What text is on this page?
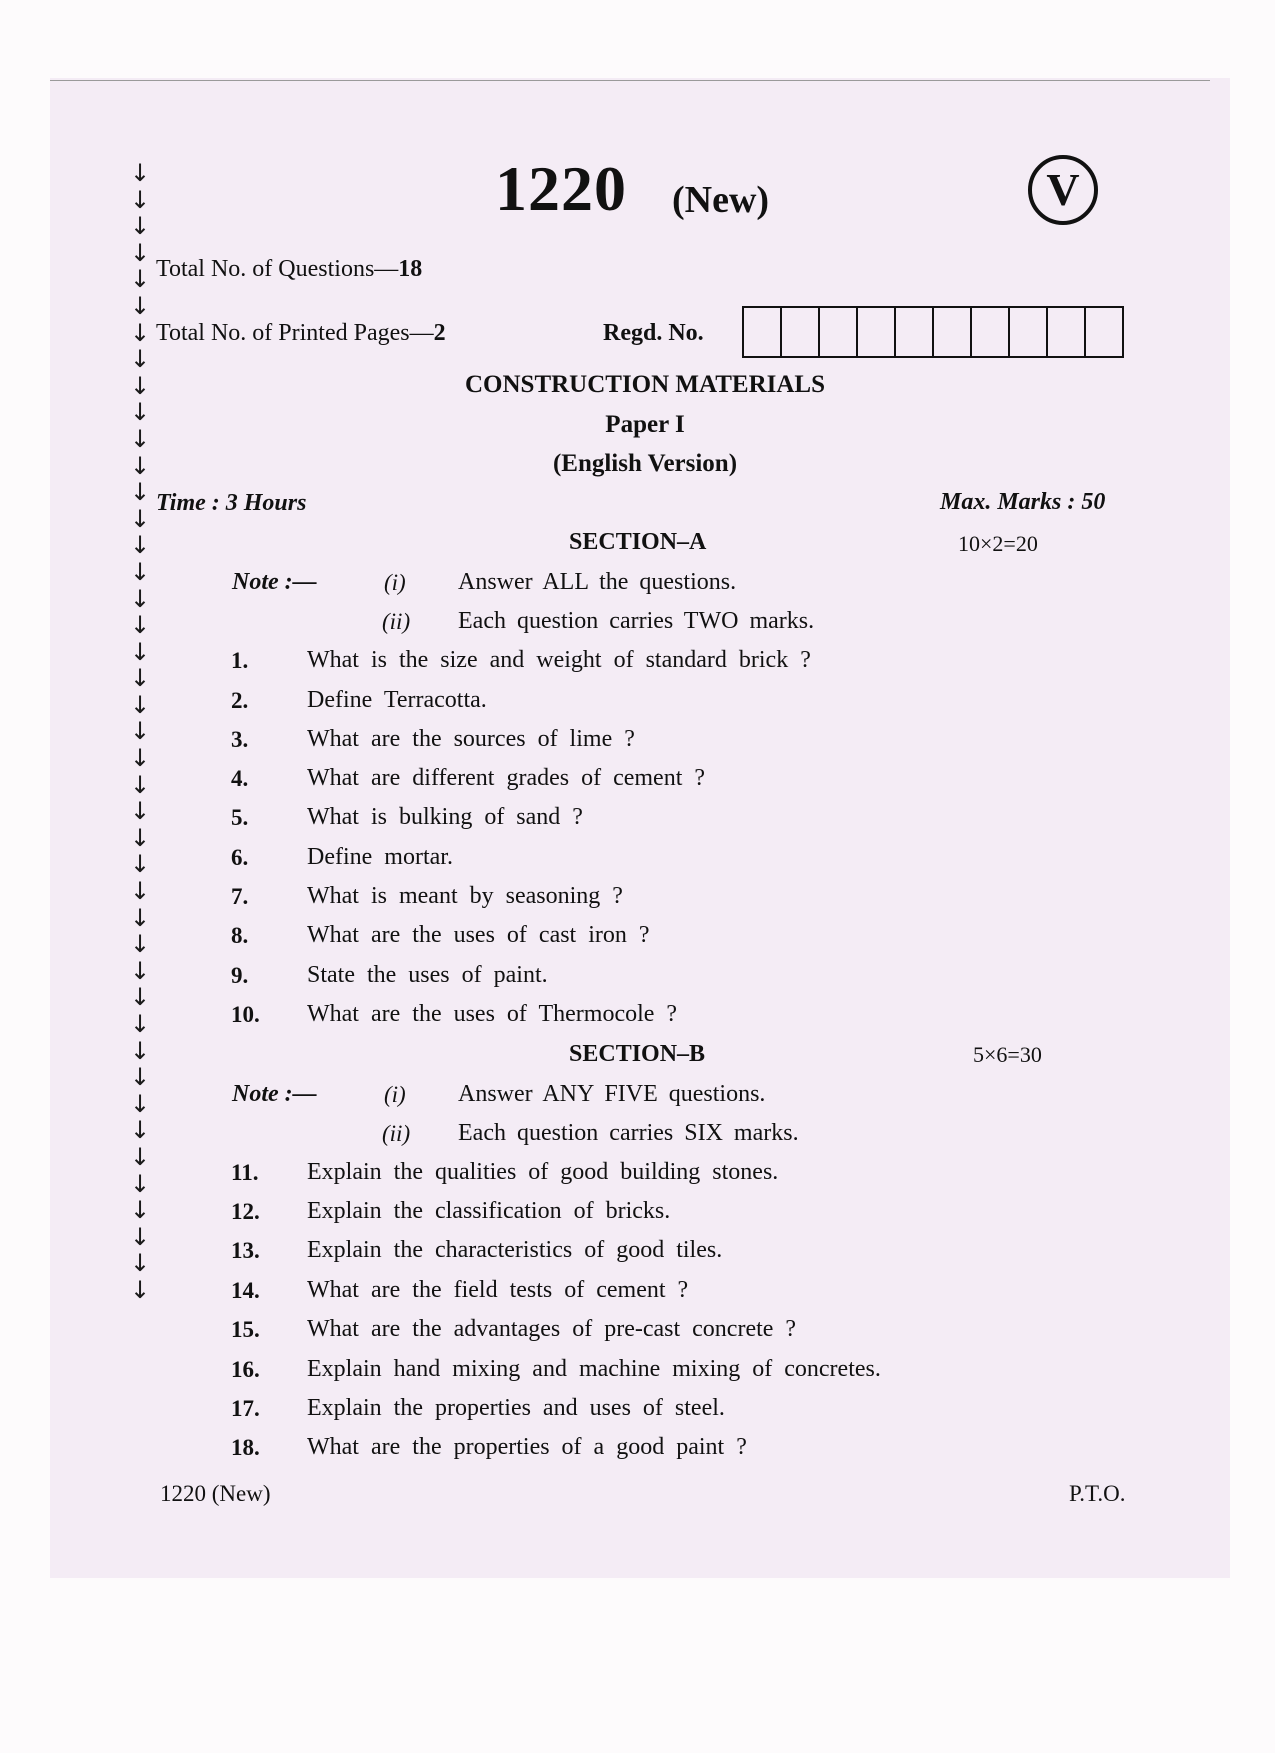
↓
↓
↓
↓
↓
↓
↓
↓
↓
↓
↓
↓
↓
↓
↓
↓
↓
↓
↓
↓
↓
↓
↓
↓
↓
↓
↓
↓
↓
↓
↓
↓
↓
↓
↓
↓
↓
↓
↓
↓
↓
↓
↓
1220 (New)	V
Total No. of Questions—18
Total No. of Printed Pages—2	Regd. No.
CONSTRUCTION MATERIALS
Paper I
(English Version)
Time : 3 Hours	Max. Marks : 50
SECTION–A	10×2=20
Note :—	(i) Answer ALL the questions.
(ii) Each question carries TWO marks.
1. What is the size and weight of standard brick ?
2. Define Terracotta.
3. What are the sources of lime ?
4. What are different grades of cement ?
5. What is bulking of sand ?
6. Define mortar.
7. What is meant by seasoning ?
8. What are the uses of cast iron ?
9. State the uses of paint.
10. What are the uses of Thermocole ?
SECTION–B	5×6=30
Note :—	(i) Answer ANY FIVE questions.
(ii) Each question carries SIX marks.
11. Explain the qualities of good building stones.
12. Explain the classification of bricks.
13. Explain the characteristics of good tiles.
14. What are the field tests of cement ?
15. What are the advantages of pre-cast concrete ?
16. Explain hand mixing and machine mixing of concretes.
17. Explain the properties and uses of steel.
18. What are the properties of a good paint ?
1220 (New)	P.T.O.
